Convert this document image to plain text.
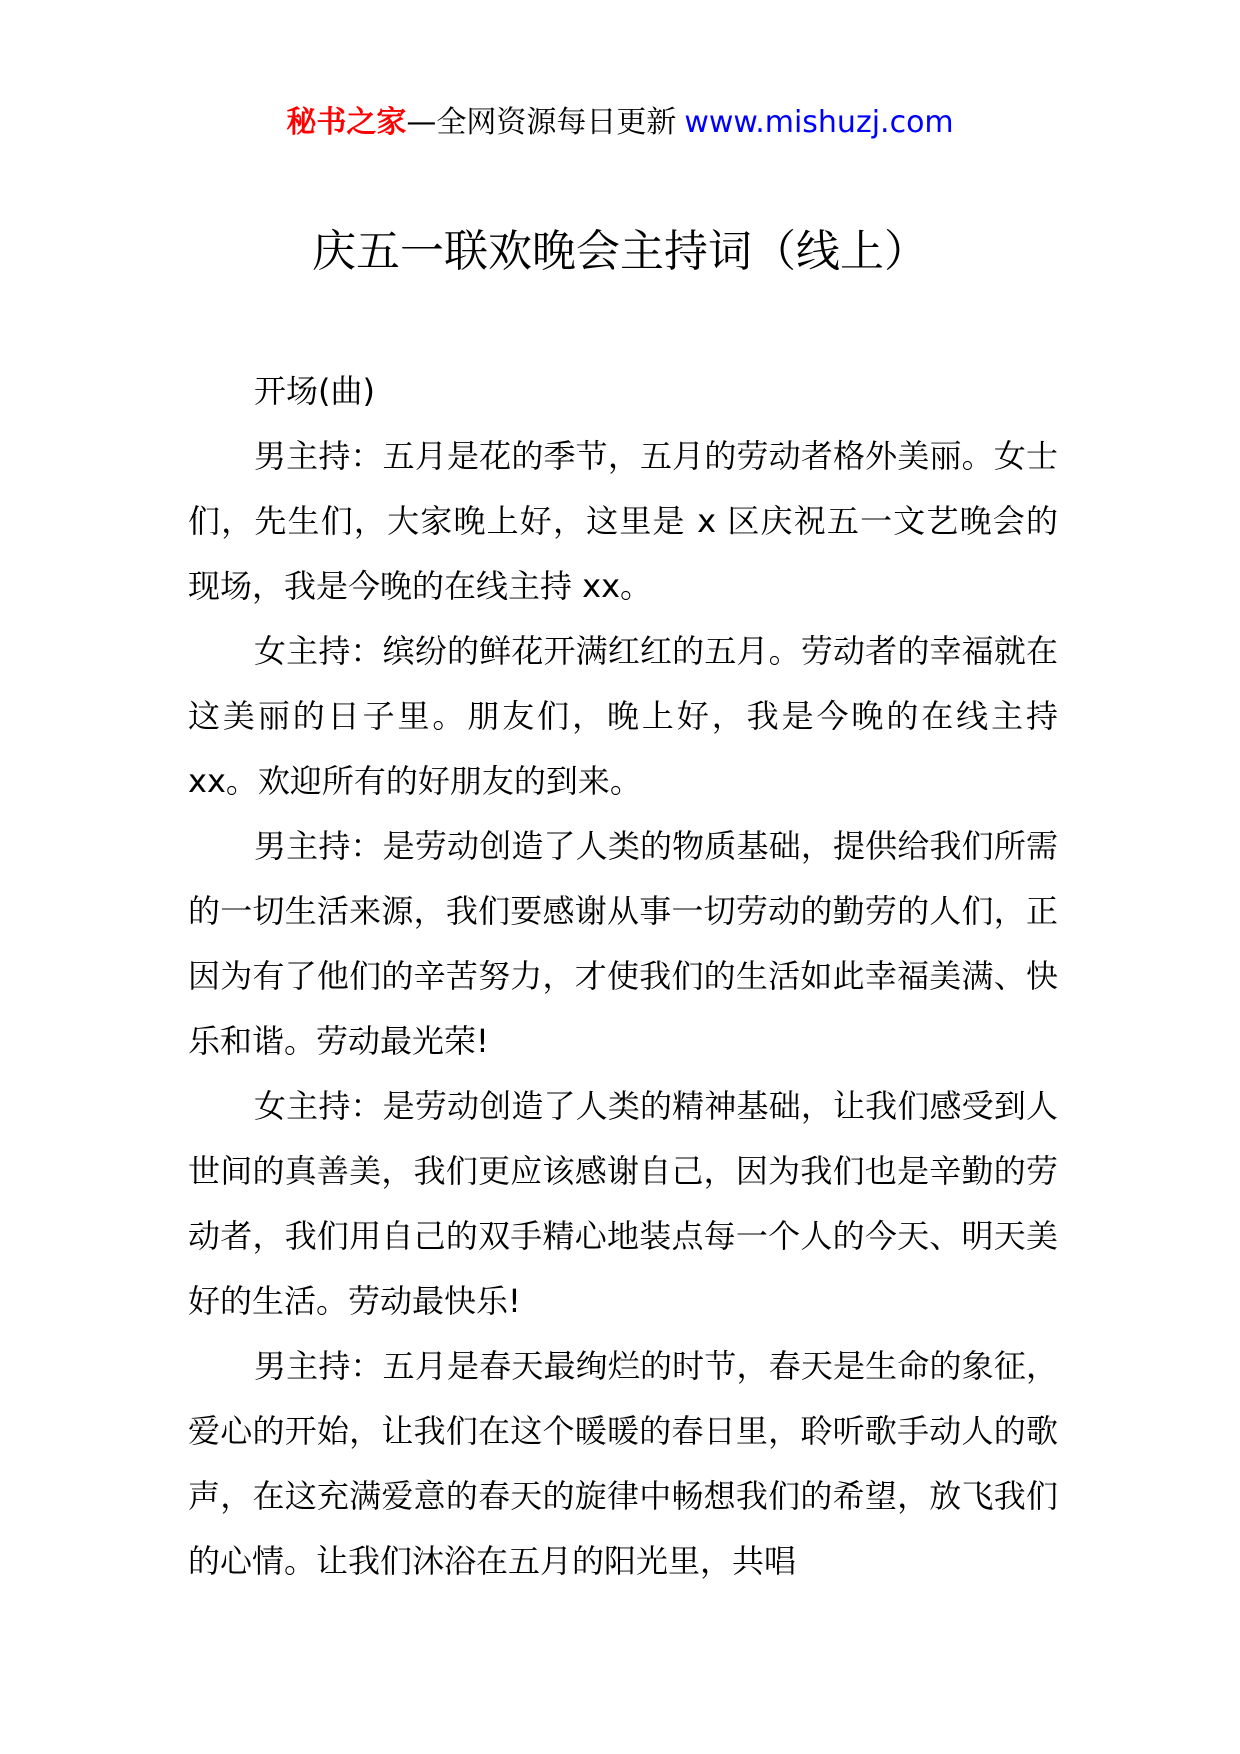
秘书之家—全网资源每日更新 www.mishuzj.com
庆五一联欢晚会主持词（线上）

开场(曲)

男主持：五月是花的季节，五月的劳动者格外美丽。女士们，先生们，大家晚上好，这里是 x 区庆祝五一文艺晚会的现场，我是今晚的在线主持 xx。

女主持：缤纷的鲜花开满红红的五月。劳动者的幸福就在这美丽的日子里。朋友们，晚上好，我是今晚的在线主持 xx。欢迎所有的好朋友的到来。

男主持：是劳动创造了人类的物质基础，提供给我们所需的一切生活来源，我们要感谢从事一切劳动的勤劳的人们，正因为有了他们的辛苦努力，才使我们的生活如此幸福美满、快乐和谐。劳动最光荣!

女主持：是劳动创造了人类的精神基础，让我们感受到人世间的真善美，我们更应该感谢自己，因为我们也是辛勤的劳动者，我们用自己的双手精心地装点每一个人的今天、明天美好的生活。劳动最快乐!

男主持：五月是春天最绚烂的时节，春天是生命的象征，爱心的开始，让我们在这个暖暖的春日里，聆听歌手动人的歌声，在这充满爱意的春天的旋律中畅想我们的希望，放飞我们的心情。让我们沐浴在五月的阳光里，共唱
